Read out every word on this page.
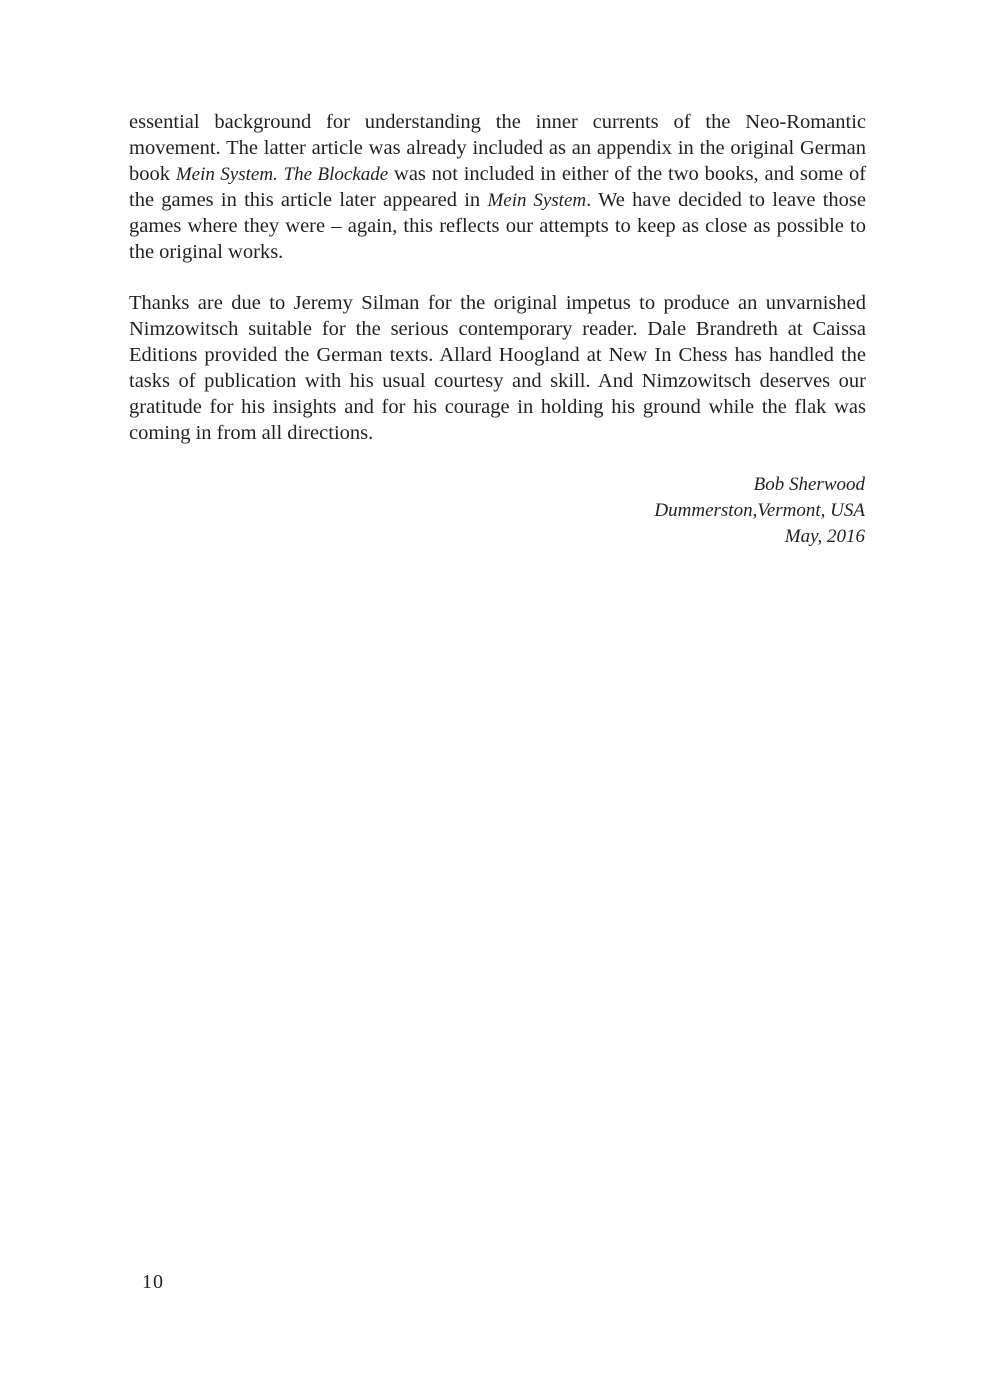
essential background for understanding the inner currents of the Neo-Romantic movement. The latter article was already included as an appendix in the original German book Mein System. The Blockade was not included in either of the two books, and some of the games in this article later appeared in Mein System. We have decided to leave those games where they were – again, this reflects our attempts to keep as close as possible to the original works.

Thanks are due to Jeremy Silman for the original impetus to produce an unvarnished Nimzowitsch suitable for the serious contemporary reader. Dale Brandreth at Caissa Editions provided the German texts. Allard Hoogland at New In Chess has handled the tasks of publication with his usual courtesy and skill. And Nimzowitsch deserves our gratitude for his insights and for his courage in holding his ground while the flak was coming in from all directions.

Bob Sherwood
Dummerston,Vermont, USA
May, 2016
10
